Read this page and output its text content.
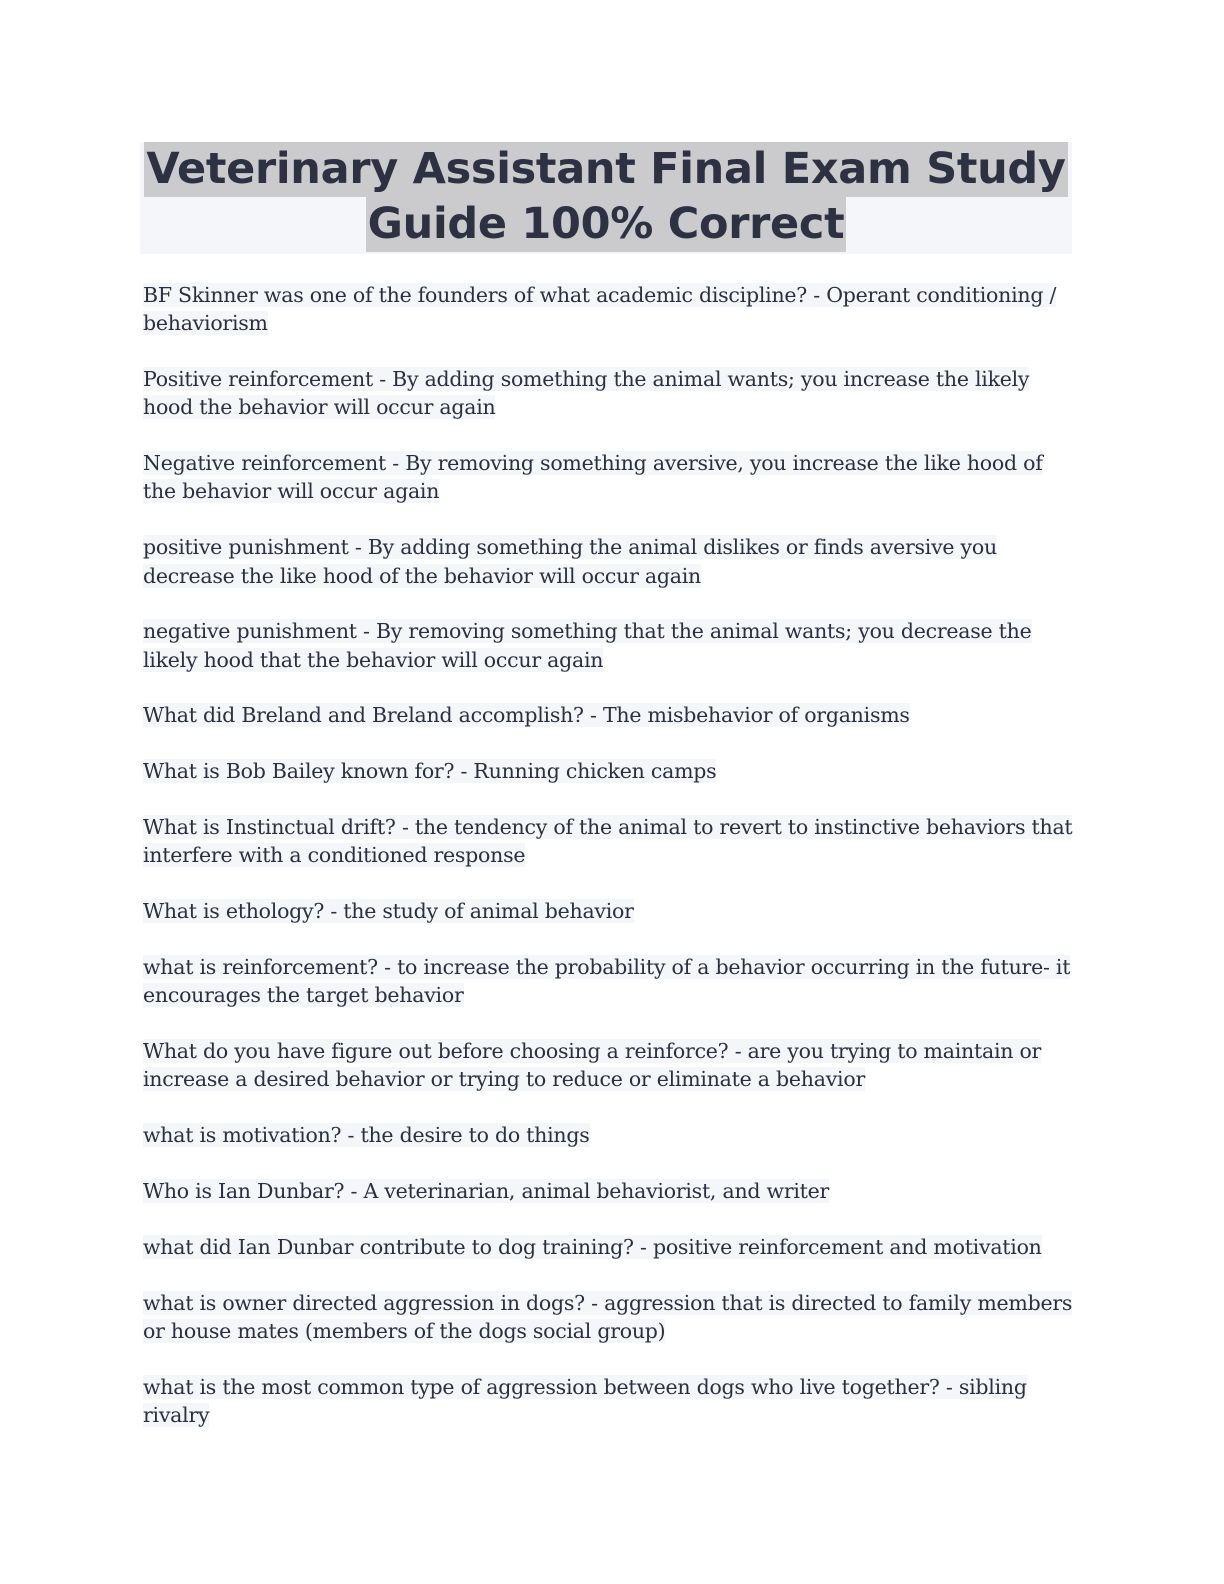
Veterinary Assistant Final Exam Study
Guide 100% Correct

BF Skinner was one of the founders of what academic discipline? - Operant conditioning / behaviorism

Positive reinforcement - By adding something the animal wants; you increase the likely hood the behavior will occur again

Negative reinforcement - By removing something aversive, you increase the like hood of the behavior will occur again

positive punishment - By adding something the animal dislikes or finds aversive you decrease the like hood of the behavior will occur again

negative punishment - By removing something that the animal wants; you decrease the likely hood that the behavior will occur again

What did Breland and Breland accomplish? - The misbehavior of organisms

What is Bob Bailey known for? - Running chicken camps

What is Instinctual drift? - the tendency of the animal to revert to instinctive behaviors that interfere with a conditioned response

What is ethology? - the study of animal behavior

what is reinforcement? - to increase the probability of a behavior occurring in the future- it encourages the target behavior

What do you have figure out before choosing a reinforce? - are you trying to maintain or increase a desired behavior or trying to reduce or eliminate a behavior

what is motivation? - the desire to do things

Who is Ian Dunbar? - A veterinarian, animal behaviorist, and writer

what did Ian Dunbar contribute to dog training? - positive reinforcement and motivation

what is owner directed aggression in dogs? - aggression that is directed to family members or house mates (members of the dogs social group)

what is the most common type of aggression between dogs who live together? - sibling rivalry
